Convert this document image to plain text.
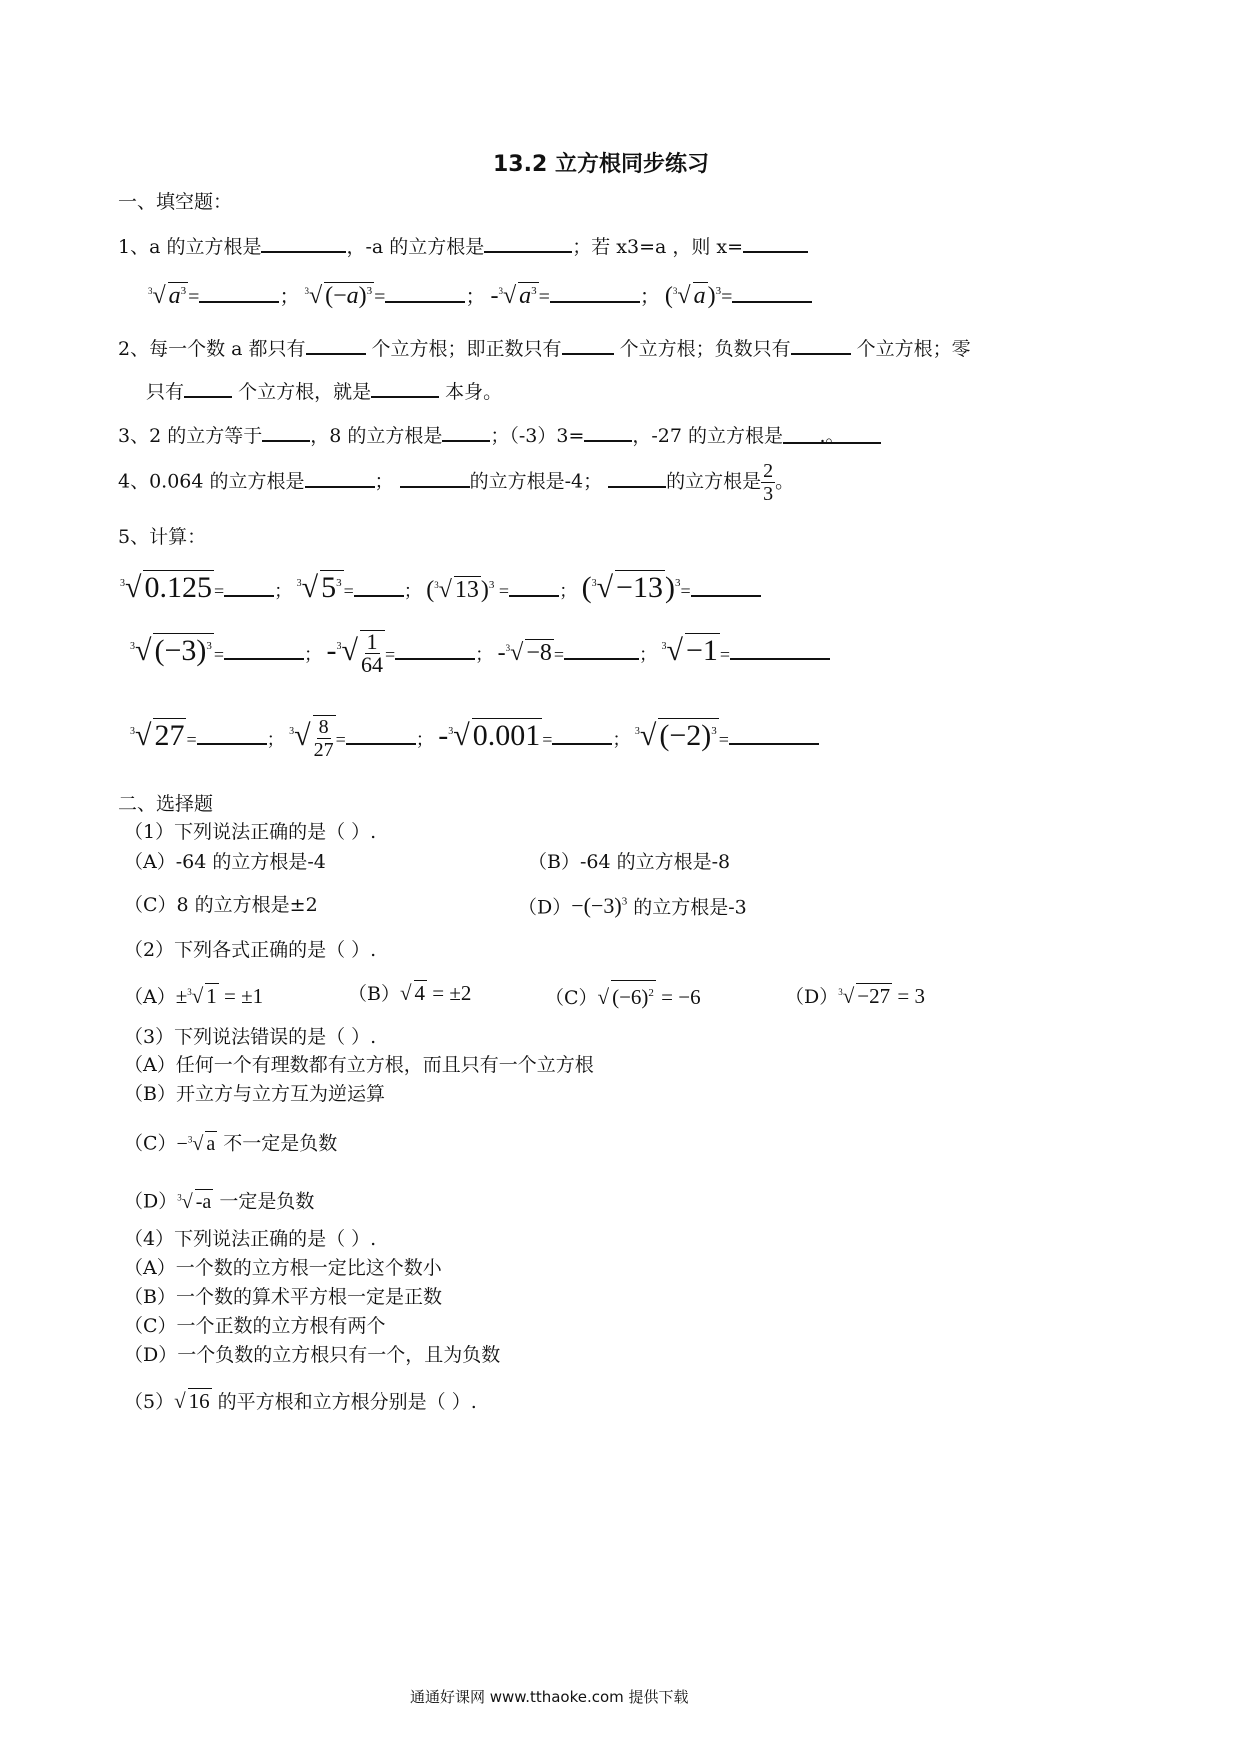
13.2 立方根同步练习
一、填空题：
1、a 的立方根是	，-a 的立方根是	；若 x3=a ，则 x=
$^3$√ $a^3$ =	； $^3$√ $(-a)^3$ =	； -$^3$√ $a^3$ =	； ($^3$√ a)$^3$=
2、每一个数 a 都只有	个立方根；即正数只有	个立方根；负数只有	个立方根；零
只有	个立方根，就是	本身。
3、2 的立方等于	，8 的立方根是	；（-3）3=	，-27 的立方根是 .。
4、0.064 的立方根是	；	的立方根是-4；	的立方根是 $\frac{2}{3}$ 。
5、计算：
$^3$√ 0.125 =	； $^3$√ $5^3$ =	； ($^3$√ 13)$^3$ =	； $(^3√ -13)^3=$
$^3$√ $(-3)^3$ =	； $-^3√ \frac{1}{64}$ =	； -$^3$√ −8 =	； $^3$√ −1 =
$^3$√ 27 =	； $^3√ \frac{8}{27}$ =	； -$^3$√ 0.001 =	； $^3$√ $(-2)^3$ =
二、选择题
（1）下列说法正确的是（ ）.
（A）-64 的立方根是-4	（B）-64 的立方根是-8
（C）8 的立方根是±2	$(D)-(-3)^3$ 的立方根是-3
（2）下列各式正确的是（ ）.
（A）±$^3$√ 1 = ±1	（B）√ 4 = ±2	（C）√ $(-6)^2 = -6$	$(D)^3√ -27 = 3$
（3）下列说法错误的是（ ）.
（A）任何一个有理数都有立方根，而且只有一个立方根
（B）开立方与立方互为逆运算
（C）−$^3$√ a 不一定是负数
$(D)^3√$ -a 一定是负数
（4）下列说法正确的是（ ）.
（A）一个数的立方根一定比这个数小
（B）一个数的算术平方根一定是正数
（C）一个正数的立方根有两个
（D）一个负数的立方根只有一个，且为负数
（5）√ 16 的平方根和立方根分别是（ ）.
通通好课网 www.tthaoke.com 提供下载
